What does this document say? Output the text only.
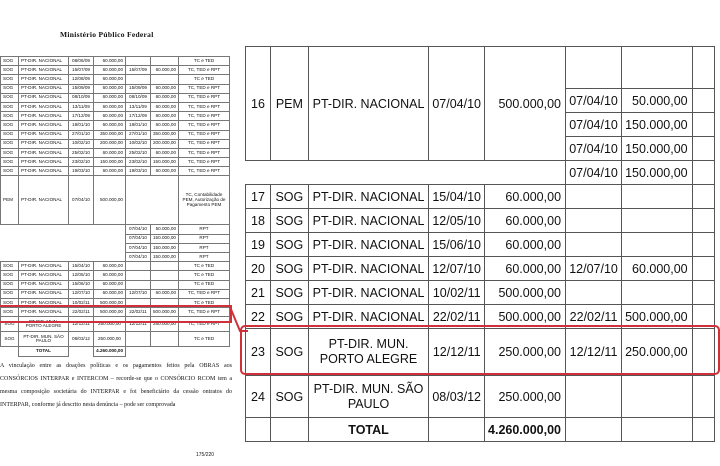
Ministério Público Federal
SOG	PT-DIR. NACIONAL	08/06/09	60.000,00			TC e TED
SOG	PT-DIR. NACIONAL	15/07/09	60.000,00	15/07/09	60.000,00	TC, TED e RPT
SOG	PT-DIR. NACIONAL	12/08/09	60.000,00			TC e TED
SOG	PT-DIR. NACIONAL	15/09/09	60.000,00	15/09/09	60.000,00	TC, TED e RPT
SOG	PT-DIR. NACIONAL	08/10/09	60.000,00	08/10/09	60.000,00	TC, TED e RPT
SOG	PT-DIR. NACIONAL	13/11/09	60.000,00	13/11/09	60.000,00	TC, TED e RPT
SOG	PT-DIR. NACIONAL	17/12/09	60.000,00	17/12/09	60.000,00	TC, TED e RPT
SOG	PT-DIR. NACIONAL	18/01/10	60.000,00	18/01/10	60.000,00	TC, TED e RPT
SOG	PT-DIR. NACIONAL	27/01/10	350.000,00	27/01/10	350.000,00	TC, TED e RPT
SOG	PT-DIR. NACIONAL	10/02/10	200.000,00	10/02/10	200.000,00	TC, TED e RPT
SOG	PT-DIR. NACIONAL	25/02/10	60.000,00	25/02/10	60.000,00	TC, TED e RPT
SOG	PT-DIR. NACIONAL	23/02/10	150.000,00	23/02/10	150.000,00	TC, TED e RPT
SOG	PT-DIR. NACIONAL	19/03/10	60.000,00	19/03/10	60.000,00	TC, TED e RPT
PEM	PT-DIR. NACIONAL	07/04/10	500.000,00			TC, Contabilidade PEM, Autorização de Pagamento PEM
				07/04/10	50.000,00	RPT
				07/04/10	150.000,00	RPT
				07/04/10	150.000,00	RPT
				07/04/10	150.000,00	RPT
SOG	PT-DIR. NACIONAL	15/04/10	60.000,00			TC e TED
SOG	PT-DIR. NACIONAL	12/05/10	60.000,00			TC e TED
SOG	PT-DIR. NACIONAL	15/06/10	60.000,00			TC e TED
SOG	PT-DIR. NACIONAL	12/07/10	60.000,00	12/07/10	60.000,00	TC, TED e RPT
SOG	PT-DIR. NACIONAL	10/02/11	500.000,00			TC e TED
SOG	PT-DIR. NACIONAL	22/02/11	500.000,00	22/02/11	500.000,00	TC, TED e RPT
SOG	PT-DIR. MUN. PORTO ALEGRE	12/12/11	250.000,00	12/12/11	250.000,00	TC, TED e RPT
SOG	PT-DIR. MUN. SÃO PAULO	08/03/12	250.000,00			TC e TED
	TOTAL		4.260.000,00			
A vinculação entre as doações políticas e os pagamentos feitos pela OBRAS aos CONSÓRCIOS INTERPAR e INTERCOM – recorde-se que o CONSÓRCIO RCOM tem a mesma composição societária do INTERPAR e foi beneficiário da cessão ontratos do INTERPAR, conforme já descrito nesta denúncia – pode ser comprovada
175/220
16	PEM	PT-DIR. NACIONAL	07/04/10	500.000,00			
					07/04/10	50.000,00	
					07/04/10	150.000,00	
					07/04/10	150.000,00	
					07/04/10	150.000,00	
17	SOG	PT-DIR. NACIONAL	15/04/10	60.000,00			
18	SOG	PT-DIR. NACIONAL	12/05/10	60.000,00			
19	SOG	PT-DIR. NACIONAL	15/06/10	60.000,00			
20	SOG	PT-DIR. NACIONAL	12/07/10	60.000,00	12/07/10	60.000,00	
21	SOG	PT-DIR. NACIONAL	10/02/11	500.000,00			
22	SOG	PT-DIR. NACIONAL	22/02/11	500.000,00	22/02/11	500.000,00	
23	SOG	PT-DIR. MUN. PORTO ALEGRE	12/12/11	250.000,00	12/12/11	250.000,00	
24	SOG	PT-DIR. MUN. SÃO PAULO	08/03/12	250.000,00			
		TOTAL		4.260.000,00			
